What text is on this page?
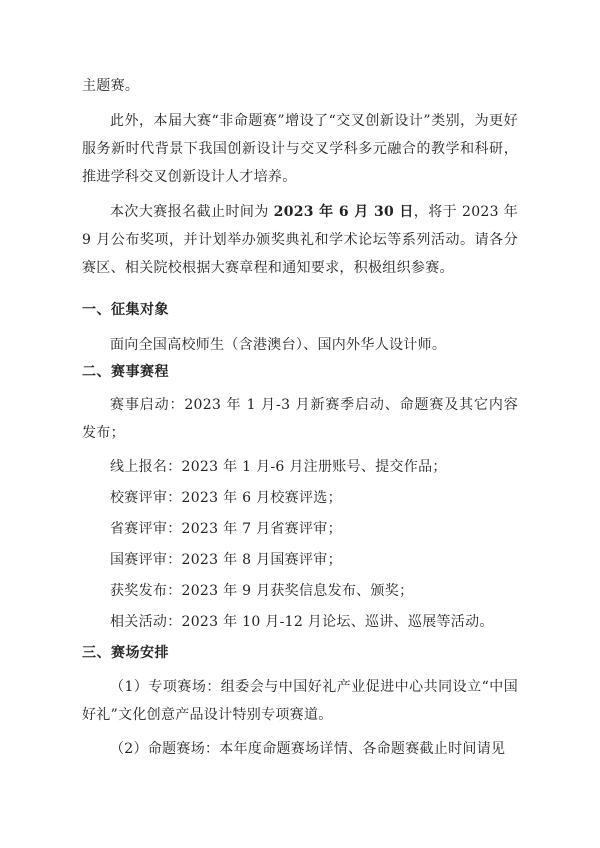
主题赛。

此外，本届大赛“非命题赛”增设了“交叉创新设计”类别，为更好服务新时代背景下我国创新设计与交叉学科多元融合的教学和科研，推进学科交叉创新设计人才培养。

本次大赛报名截止时间为 2023 年 6 月 30 日，将于 2023 年 9 月公布奖项，并计划举办颁奖典礼和学术论坛等系列活动。请各分赛区、相关院校根据大赛章程和通知要求，积极组织参赛。

一、征集对象

面向全国高校师生（含港澳台）、国内外华人设计师。

二、赛事赛程

赛事启动：2023 年 1 月-3 月新赛季启动、命题赛及其它内容发布；

线上报名：2023 年 1 月-6 月注册账号、提交作品；

校赛评审：2023 年 6 月校赛评选；

省赛评审：2023 年 7 月省赛评审；

国赛评审：2023 年 8 月国赛评审；

获奖发布：2023 年 9 月获奖信息发布、颁奖；

相关活动：2023 年 10 月-12 月论坛、巡讲、巡展等活动。

三、赛场安排

（1）专项赛场：组委会与中国好礼产业促进中心共同设立“中国好礼”文化创意产品设计特别专项赛道。

（2）命题赛场：本年度命题赛场详情、各命题赛截止时间请见
